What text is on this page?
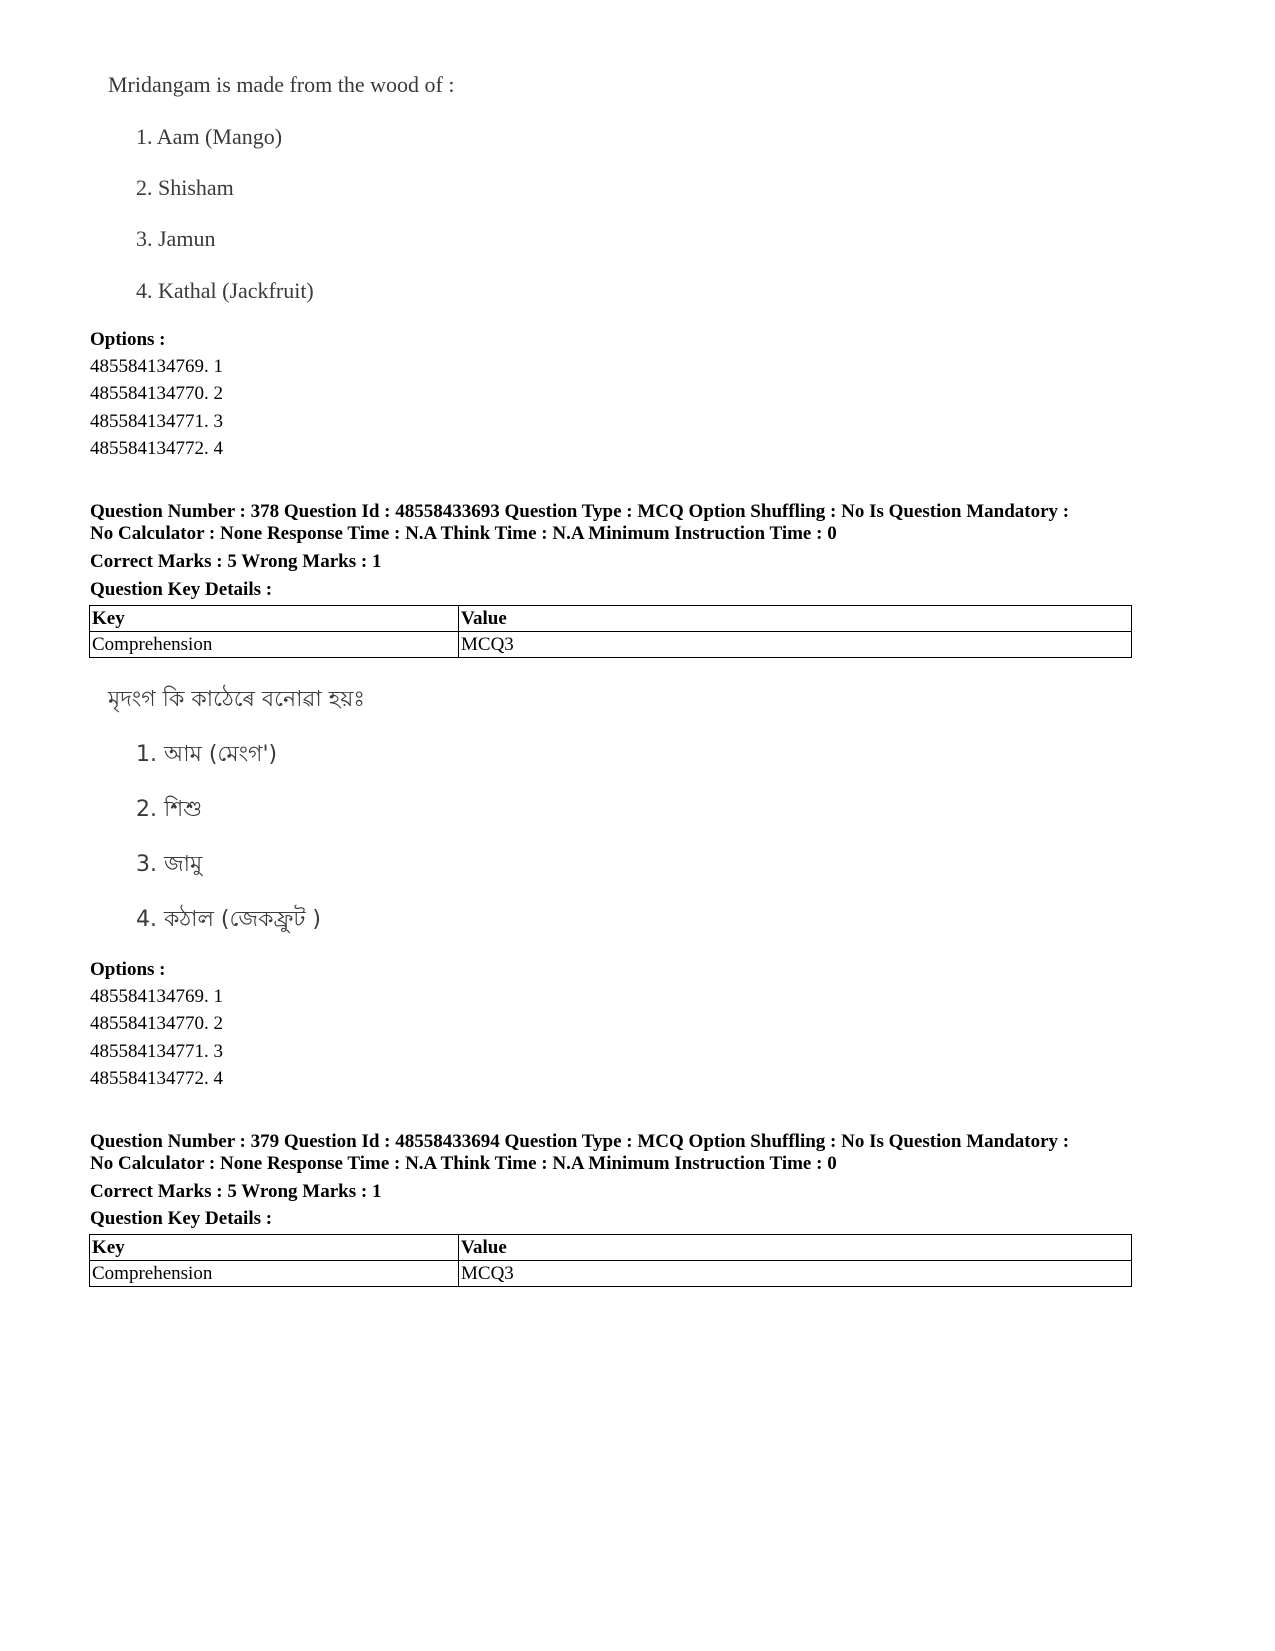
Mridangam is made from the wood of :
1. Aam (Mango)
2. Shisham
3. Jamun
4. Kathal (Jackfruit)
Options :
485584134769. 1
485584134770. 2
485584134771. 3
485584134772. 4
Question Number : 378 Question Id : 48558433693 Question Type : MCQ Option Shuffling : No Is Question Mandatory :
No Calculator : None Response Time : N.A Think Time : N.A Minimum Instruction Time : 0
Correct Marks : 5 Wrong Marks : 1
Question Key Details :
Key	Value
Comprehension	MCQ3
মৃদংগ কি কাঠেৰে বনোৱা হয়ঃ
1. আম (মেংগ')
2. শিশু
3. জামু
4. কঠাল (জেকফ্রুট )
Options :
485584134769. 1
485584134770. 2
485584134771. 3
485584134772. 4
Question Number : 379 Question Id : 48558433694 Question Type : MCQ Option Shuffling : No Is Question Mandatory :
No Calculator : None Response Time : N.A Think Time : N.A Minimum Instruction Time : 0
Correct Marks : 5 Wrong Marks : 1
Question Key Details :
Key	Value
Comprehension	MCQ3
